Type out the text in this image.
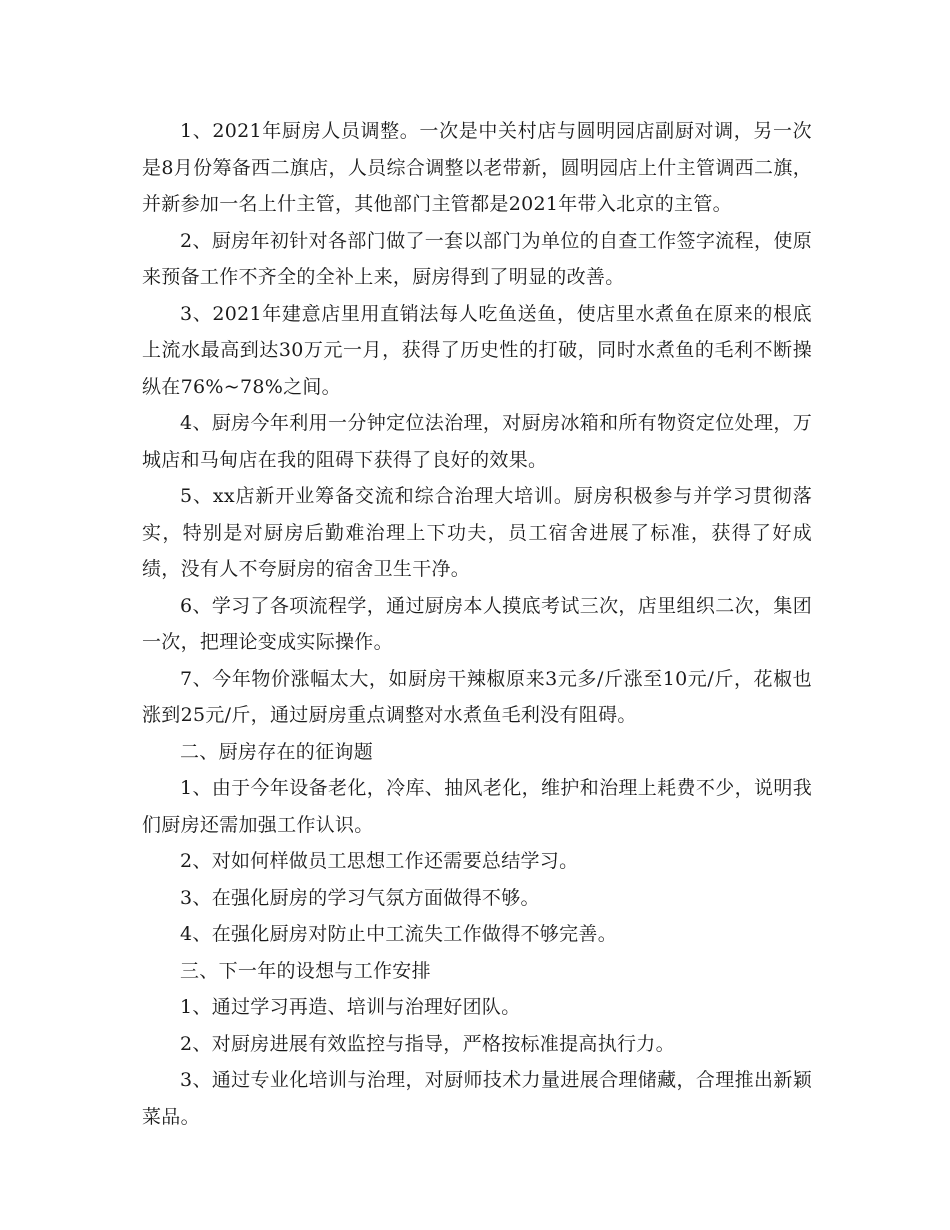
1、2021年厨房人员调整。一次是中关村店与圆明园店副厨对调，另一次是8月份筹备西二旗店，人员综合调整以老带新，圆明园店上什主管调西二旗，并新参加一名上什主管，其他部门主管都是2021年带入北京的主管。

2、厨房年初针对各部门做了一套以部门为单位的自查工作签字流程，使原来预备工作不齐全的全补上来，厨房得到了明显的改善。

3、2021年建意店里用直销法每人吃鱼送鱼，使店里水煮鱼在原来的根底上流水最高到达30万元一月，获得了历史性的打破，同时水煮鱼的毛利不断操纵在76%~78%之间。

4、厨房今年利用一分钟定位法治理，对厨房冰箱和所有物资定位处理，万城店和马甸店在我的阻碍下获得了良好的效果。

5、xx店新开业筹备交流和综合治理大培训。厨房积极参与并学习贯彻落实，特别是对厨房后勤难治理上下功夫，员工宿舍进展了标准，获得了好成绩，没有人不夸厨房的宿舍卫生干净。

6、学习了各项流程学，通过厨房本人摸底考试三次，店里组织二次，集团一次，把理论变成实际操作。

7、今年物价涨幅太大，如厨房干辣椒原来3元多/斤涨至10元/斤，花椒也涨到25元/斤，通过厨房重点调整对水煮鱼毛利没有阻碍。

二、厨房存在的征询题

1、由于今年设备老化，冷库、抽风老化，维护和治理上耗费不少，说明我们厨房还需加强工作认识。

2、对如何样做员工思想工作还需要总结学习。

3、在强化厨房的学习气氛方面做得不够。

4、在强化厨房对防止中工流失工作做得不够完善。

三、下一年的设想与工作安排

1、通过学习再造、培训与治理好团队。

2、对厨房进展有效监控与指导，严格按标准提高执行力。

3、通过专业化培训与治理，对厨师技术力量进展合理储藏，合理推出新颖菜品。
